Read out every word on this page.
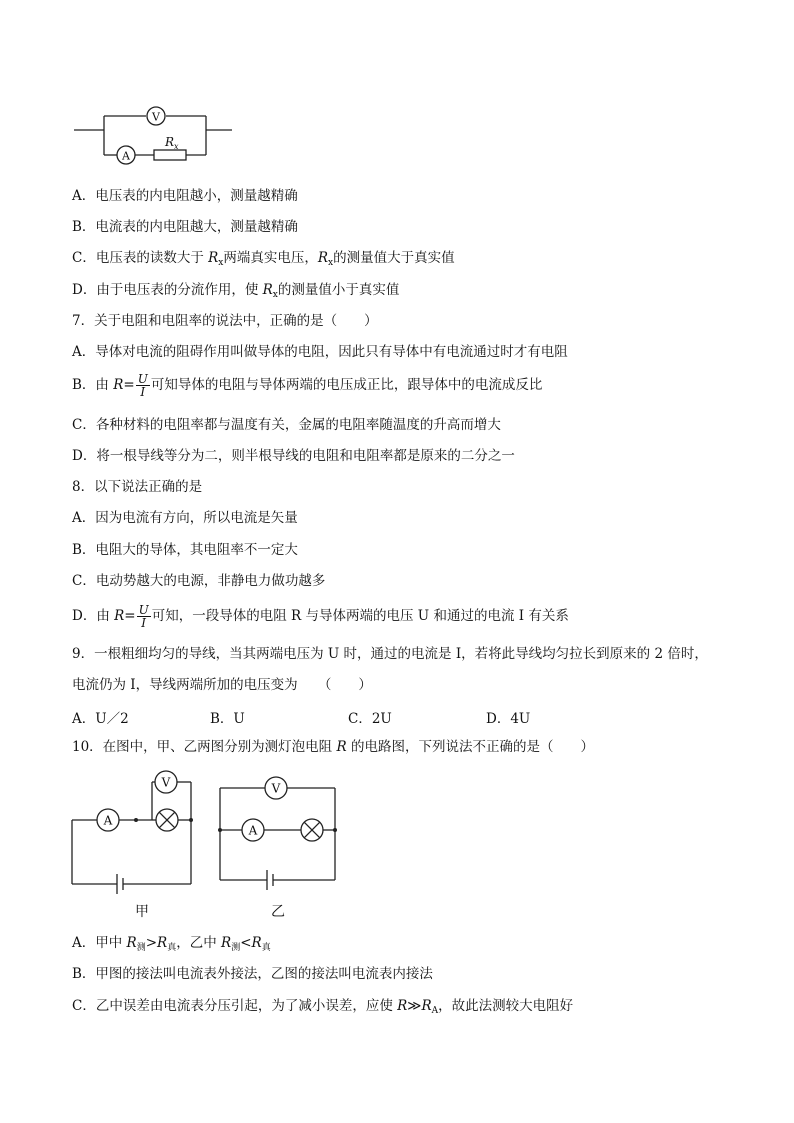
V
A
$R_x$
A．电压表的内电阻越小，测量越精确
B．电流表的内电阻越大，测量越精确
C．电压表的读数大于 $R_x$两端真实电压，$R_x$的测量值大于真实值
D．由于电压表的分流作用，使 $R_x$的测量值小于真实值
7．关于电阻和电阻率的说法中，正确的是（　　）
A．导体对电流的阻碍作用叫做导体的电阻，因此只有导体中有电流通过时才有电阻
B．由 $R= \frac{U}{I}$ 可知导体的电阻与导体两端的电压成正比，跟导体中的电流成反比
C．各种材料的电阻率都与温度有关，金属的电阻率随温度的升高而增大
D．将一根导线等分为二，则半根导线的电阻和电阻率都是原来的二分之一
8．以下说法正确的是
A．因为电流有方向，所以电流是矢量
B．电阻大的导体，其电阻率不一定大
C．电动势越大的电源，非静电力做功越多
D．由 $R= \frac{U}{I}$ 可知，一段导体的电阻 R 与导体两端的电压 U 和通过的电流 I 有关系
9．一根粗细均匀的导线，当其两端电压为 U 时，通过的电流是 I，若将此导线均匀拉长到原来的 2 倍时，
电流仍为 I，导线两端所加的电压变为　　（　　）
A．U／2	B．U	C．2U	D．4U
10．在图中，甲、乙两图分别为测灯泡电阻 R 的电路图，下列说法不正确的是（　　）
A
V
甲
V
A
乙
A．甲中 $R_测>R_真$，乙中 $R_测<R_真$
B．甲图的接法叫电流表外接法，乙图的接法叫电流表内接法
C．乙中误差由电流表分压引起，为了减小误差，应使 $R≫R_A$，故此法测较大电阻好
